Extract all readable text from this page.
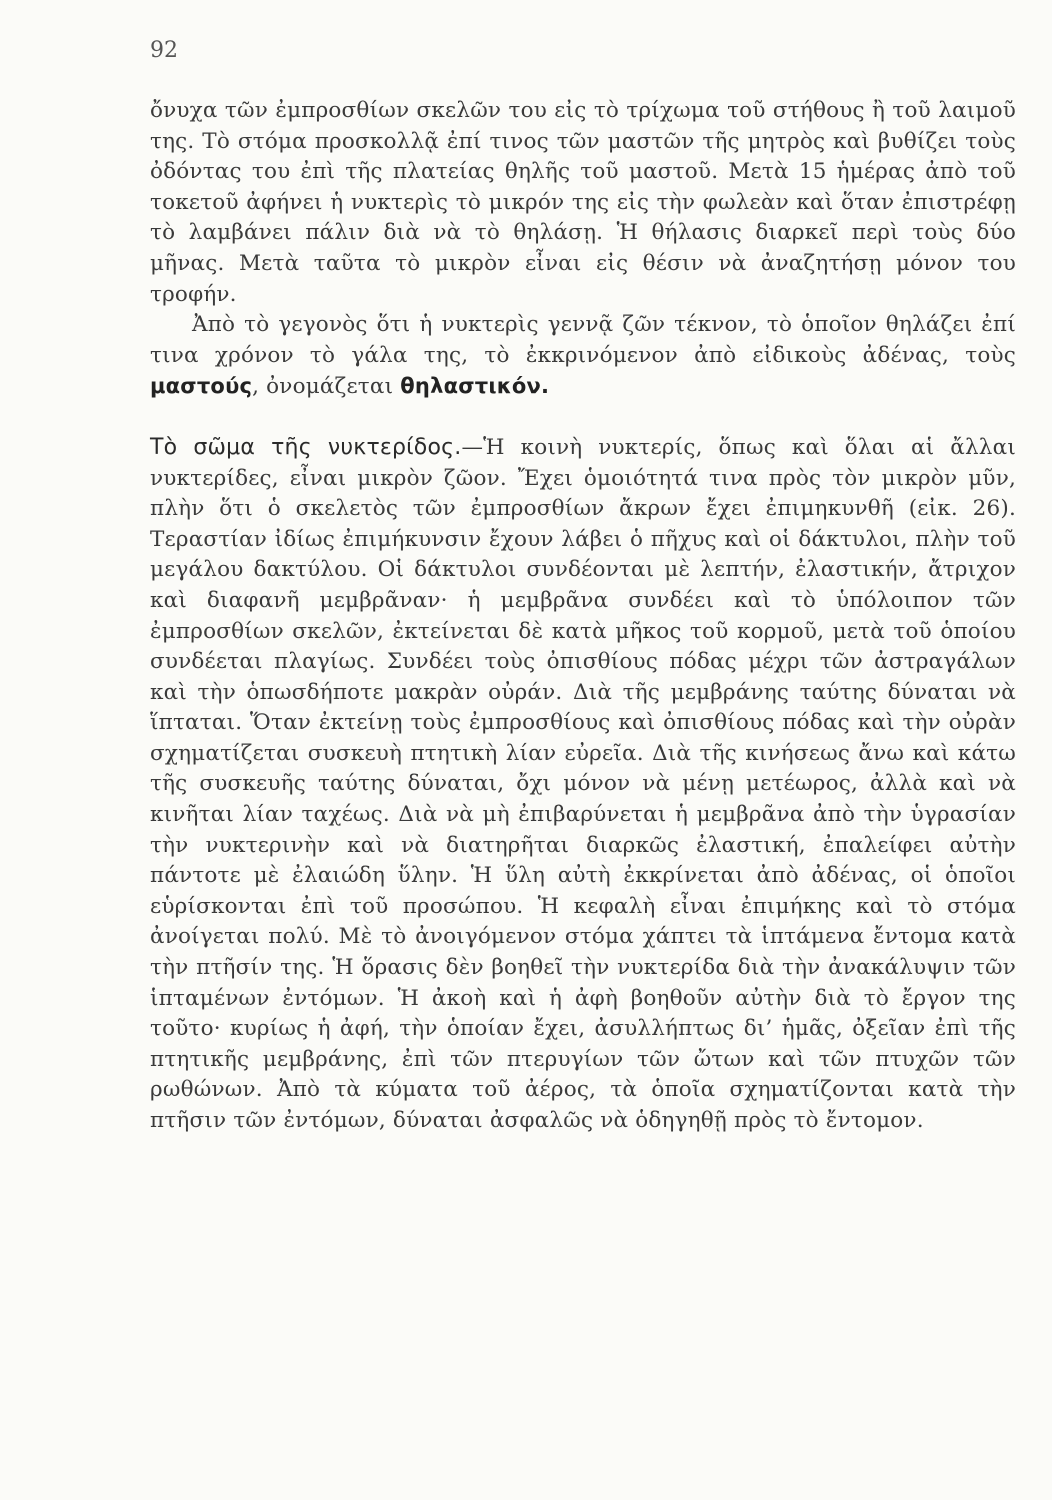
92

ὄνυχα τῶν ἐμπροσθίων σκελῶν του εἰς τὸ τρίχωμα τοῦ στήθους ἢ τοῦ λαιμοῦ της. Τὸ στόμα προσκολλᾷ ἐπί τινος τῶν μαστῶν τῆς μητρὸς καὶ βυθίζει τοὺς ὀδόντας του ἐπὶ τῆς πλατείας θηλῆς τοῦ μαστοῦ. Μετὰ 15 ἡμέρας ἀπὸ τοῦ τοκετοῦ ἀφήνει ἡ νυκτερὶς τὸ μικρόν της εἰς τὴν φωλεὰν καὶ ὅταν ἐπιστρέφῃ τὸ λαμβάνει πάλιν διὰ νὰ τὸ θηλάσῃ. Ἡ θήλασις διαρκεῖ περὶ τοὺς δύο μῆνας. Μετὰ ταῦτα τὸ μικρὸν εἶναι εἰς θέσιν νὰ ἀναζητήσῃ μόνον του τροφήν.

Ἀπὸ τὸ γεγονὸς ὅτι ἡ νυκτερὶς γεννᾷ ζῶν τέκνον, τὸ ὁποῖον θηλάζει ἐπί τινα χρόνον τὸ γάλα της, τὸ ἐκκρινόμενον ἀπὸ εἰδικοὺς ἀδένας, τοὺς μαστούς, ὀνομάζεται θηλαστικόν.

Τὸ σῶμα τῆς νυκτερίδος.—Ἡ κοινὴ νυκτερίς, ὅπως καὶ ὅλαι αἱ ἄλλαι νυκτερίδες, εἶναι μικρὸν ζῶον. Ἔχει ὁμοιότητά τινα πρὸς τὸν μικρὸν μῦν, πλὴν ὅτι ὁ σκελετὸς τῶν ἐμπροσθίων ἄκρων ἔχει ἐπιμηκυνθῆ (εἰκ. 26). Τεραστίαν ἰδίως ἐπιμήκυνσιν ἔχουν λάβει ὁ πῆχυς καὶ οἱ δάκτυλοι, πλὴν τοῦ μεγάλου δακτύλου. Οἱ δάκτυλοι συνδέονται μὲ λεπτήν, ἐλαστικήν, ἄτριχον καὶ διαφανῆ μεμβρᾶναν· ἡ μεμβρᾶνα συνδέει καὶ τὸ ὑπόλοιπον τῶν ἐμπροσθίων σκελῶν, ἐκτείνεται δὲ κατὰ μῆκος τοῦ κορμοῦ, μετὰ τοῦ ὁποίου συνδέεται πλαγίως. Συνδέει τοὺς ὀπισθίους πόδας μέχρι τῶν ἀστραγάλων καὶ τὴν ὁπωσδήποτε μακρὰν οὐράν. Διὰ τῆς μεμβράνης ταύτης δύναται νὰ ἵπταται. Ὅταν ἐκτείνῃ τοὺς ἐμπροσθίους καὶ ὀπισθίους πόδας καὶ τὴν οὐρὰν σχηματίζεται συσκευὴ πτητικὴ λίαν εὐρεῖα. Διὰ τῆς κινήσεως ἄνω καὶ κάτω τῆς συσκευῆς ταύτης δύναται, ὄχι μόνον νὰ μένῃ μετέωρος, ἀλλὰ καὶ νὰ κινῆται λίαν ταχέως. Διὰ νὰ μὴ ἐπιβαρύνεται ἡ μεμβρᾶνα ἀπὸ τὴν ὑγρασίαν τὴν νυκτερινὴν καὶ νὰ διατηρῆται διαρκῶς ἐλαστική, ἐπαλείφει αὐτὴν πάντοτε μὲ ἐλαιώδη ὕλην. Ἡ ὕλη αὐτὴ ἐκκρίνεται ἀπὸ ἀδένας, οἱ ὁποῖοι εὑρίσκονται ἐπὶ τοῦ προσώπου. Ἡ κεφαλὴ εἶναι ἐπιμήκης καὶ τὸ στόμα ἀνοίγεται πολύ. Μὲ τὸ ἀνοιγόμενον στόμα χάπτει τὰ ἱπτάμενα ἔντομα κατὰ τὴν πτῆσίν της. Ἡ ὅρασις δὲν βοηθεῖ τὴν νυκτερίδα διὰ τὴν ἀνακάλυψιν τῶν ἱπταμένων ἐντόμων. Ἡ ἀκοὴ καὶ ἡ ἀφὴ βοηθοῦν αὐτὴν διὰ τὸ ἔργον της τοῦτο· κυρίως ἡ ἀφή, τὴν ὁποίαν ἔχει, ἀσυλλήπτως δι’ ἡμᾶς, ὀξεῖαν ἐπὶ τῆς πτητικῆς μεμβράνης, ἐπὶ τῶν πτερυγίων τῶν ὤτων καὶ τῶν πτυχῶν τῶν ρωθώνων. Ἀπὸ τὰ κύματα τοῦ ἀέρος, τὰ ὁποῖα σχηματίζονται κατὰ τὴν πτῆσιν τῶν ἐντόμων, δύναται ἀσφαλῶς νὰ ὁδηγηθῇ πρὸς τὸ ἔντομον.
